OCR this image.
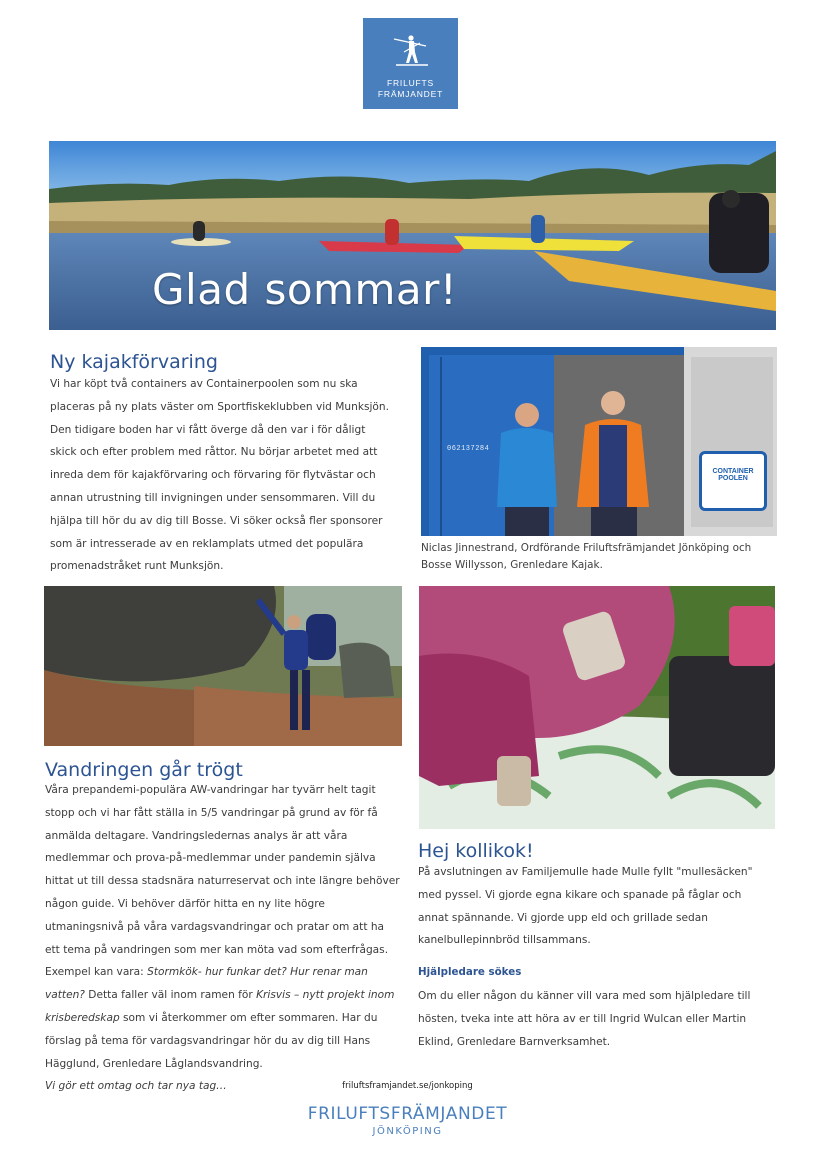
FRILUFTS
FRÄMJANDET
Glad sommar!
Ny kajakförvaring

Vi har köpt två containers av Containerpoolen som nu ska placeras på ny plats väster om Sportfiskeklubben vid Munksjön. Den tidigare boden har vi fått överge då den var i för dåligt skick och efter problem med råttor. Nu börjar arbetet med att inreda dem för kajakförvaring och förvaring för flytvästar och annan utrustning till invigningen under sensommaren. Vill du hjälpa till hör du av dig till Bosse. Vi söker också fler sponsorer som är intresserade av en reklamplats utmed det populära promenadstråket runt Munksjön.

CONTAINER
POOLEN
062137284
Niclas Jinnestrand, Ordförande Friluftsfrämjandet Jönköping och Bosse Willysson, Grenledare Kajak.
Vandringen går trögt

Våra prepandemi-populära AW-vandringar har tyvärr helt tagit stopp och vi har fått ställa in 5/5 vandringar på grund av för få anmälda deltagare. Vandringsledernas analys är att våra medlemmar och prova-på-medlemmar under pandemin själva hittat ut till dessa stadsnära naturreservat och inte längre behöver någon guide. Vi behöver därför hitta en ny lite högre utmaningsnivå på våra vardagsvandringar och pratar om att ha ett tema på vandringen som mer kan möta vad som efterfrågas. Exempel kan vara: Stormkök- hur funkar det? Hur renar man vatten? Detta faller väl inom ramen för Krisvis – nytt projekt inom krisberedskap som vi återkommer om efter sommaren. Har du förslag på tema för vardagsvandringar hör du av dig till Hans Hägglund, Grenledare Låglandsvandring.
Vi gör ett omtag och tar nya tag…

Hej kollikok!

På avslutningen av Familjemulle hade Mulle fyllt "mullesäcken" med pyssel. Vi gjorde egna kikare och spanade på fåglar och annat spännande. Vi gjorde upp eld och grillade sedan kanelbullepinnbröd tillsammans.

Hjälpledare sökes

Om du eller någon du känner vill vara med som hjälpledare till hösten, tveka inte att höra av er till Ingrid Wulcan eller Martin Eklind, Grenledare Barnverksamhet.

friluftsframjandet.se/jonkoping
FRILUFTSFRÄMJANDET
JÖNKÖPING
